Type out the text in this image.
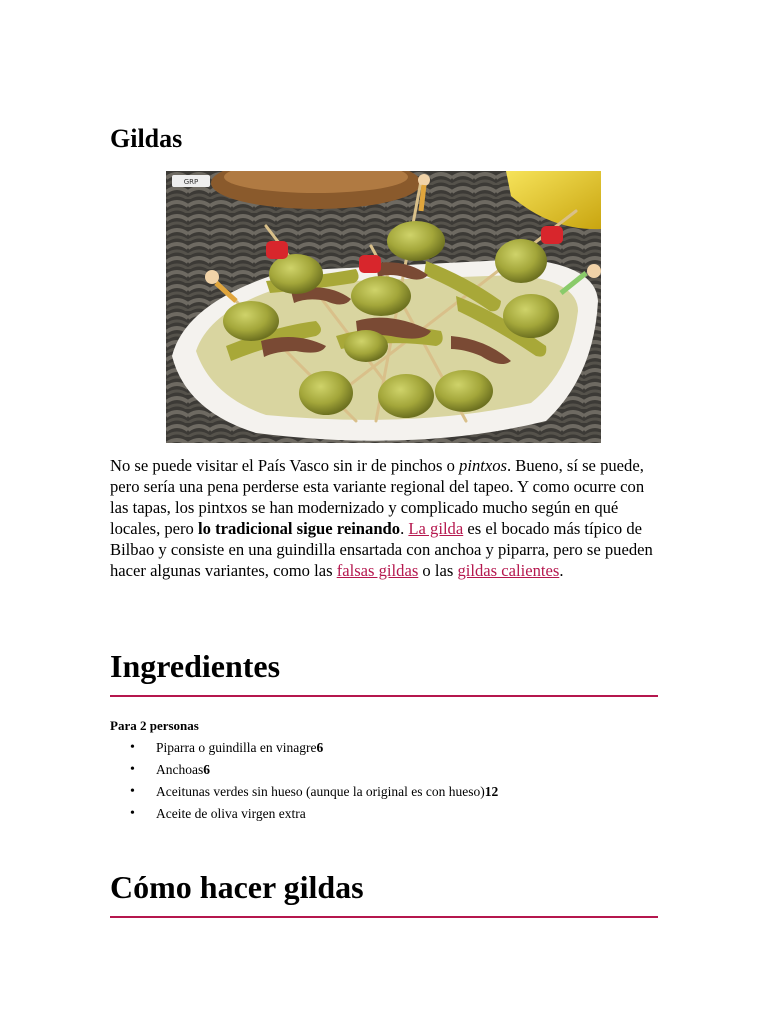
Gildas
GRP

No se puede visitar el País Vasco sin ir de pinchos o pintxos. Bueno, sí se puede, pero sería una pena perderse esta variante regional del tapeo. Y como ocurre con las tapas, los pintxos se han modernizado y complicado mucho según en qué locales, pero lo tradicional sigue reinando. La gilda es el bocado más típico de Bilbao y consiste en una guindilla ensartada con anchoa y piparra, pero se pueden hacer algunas variantes, como las falsas gildas o las gildas calientes.

Ingredientes

Para 2 personas

• Piparra o guindilla en vinagre6
• Anchoas6
• Aceitunas verdes sin hueso (aunque la original es con hueso)12
• Aceite de oliva virgen extra
Cómo hacer gildas
